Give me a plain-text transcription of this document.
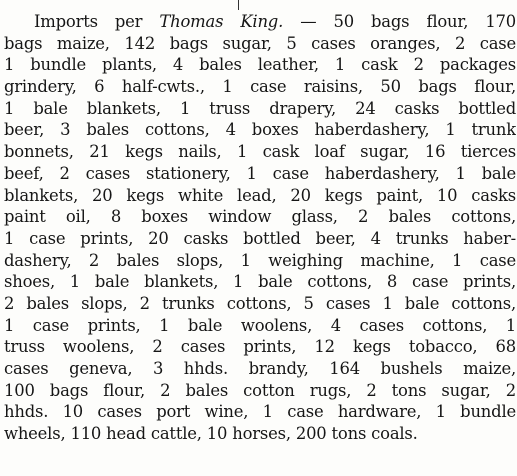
Imports per Thomas King. — 50 bags flour, 170
bags maize, 142 bags sugar, 5 cases oranges, 2 case
1 bundle plants, 4 bales leather, 1 cask 2 packages
grindery, 6 half-cwts., 1 case raisins, 50 bags flour,
1 bale blankets, 1 truss drapery, 24 casks bottled
beer, 3 bales cottons, 4 boxes haberdashery, 1 trunk
bonnets, 21 kegs nails, 1 cask loaf sugar, 16 tierces
beef, 2 cases stationery, 1 case haberdashery, 1 bale
blankets, 20 kegs white lead, 20 kegs paint, 10 casks
paint oil, 8 boxes window glass, 2 bales cottons,
1 case prints, 20 casks bottled beer, 4 trunks haber-
dashery, 2 bales slops, 1 weighing machine, 1 case
shoes, 1 bale blankets, 1 bale cottons, 8 case prints,
2 bales slops, 2 trunks cottons, 5 cases 1 bale cottons,
1 case prints, 1 bale woolens, 4 cases cottons, 1
truss woolens, 2 cases prints, 12 kegs tobacco, 68
cases geneva, 3 hhds. brandy, 164 bushels maize,
100 bags flour, 2 bales cotton rugs, 2 tons sugar, 2
hhds. 10 cases port wine, 1 case hardware, 1 bundle
wheels, 110 head cattle, 10 horses, 200 tons coals.
